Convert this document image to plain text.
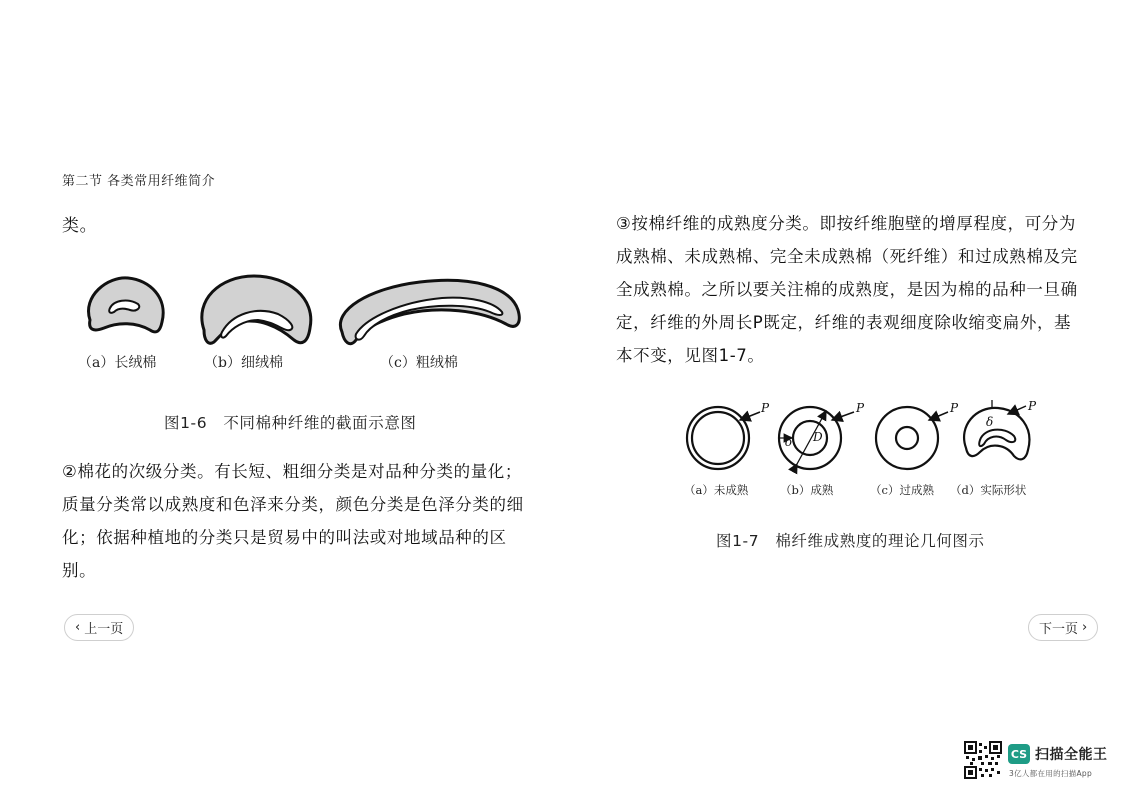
第二节 各类常用纤维简介
类。
（a）长绒棉	（b）细绒棉	（c）粗绒棉
图1-6　不同棉种纤维的截面示意图
②棉花的次级分类。有长短、粗细分类是对品种分类的量化；
质量分类常以成熟度和色泽来分类，颜色分类是色泽分类的细
化；依据种植地的分类只是贸易中的叫法或对地域品种的区
别。
③按棉纤维的成熟度分类。即按纤维胞壁的增厚程度，可分为
成熟棉、未成熟棉、完全未成熟棉（死纤维）和过成熟棉及完
全成熟棉。之所以要关注棉的成熟度，是因为棉的品种一旦确
定，纤维的外周长P既定，纤维的表观细度除收缩变扁外，基
本不变，见图1-7。
P
D
δ
P	P
δ
P
（a）未成熟	（b）成熟	（c）过成熟 （d）实际形状
图1-7　棉纤维成熟度的理论几何图示
‹ 上一页	下一页 ›
CS 扫描全能王
3亿人都在用的扫描App
